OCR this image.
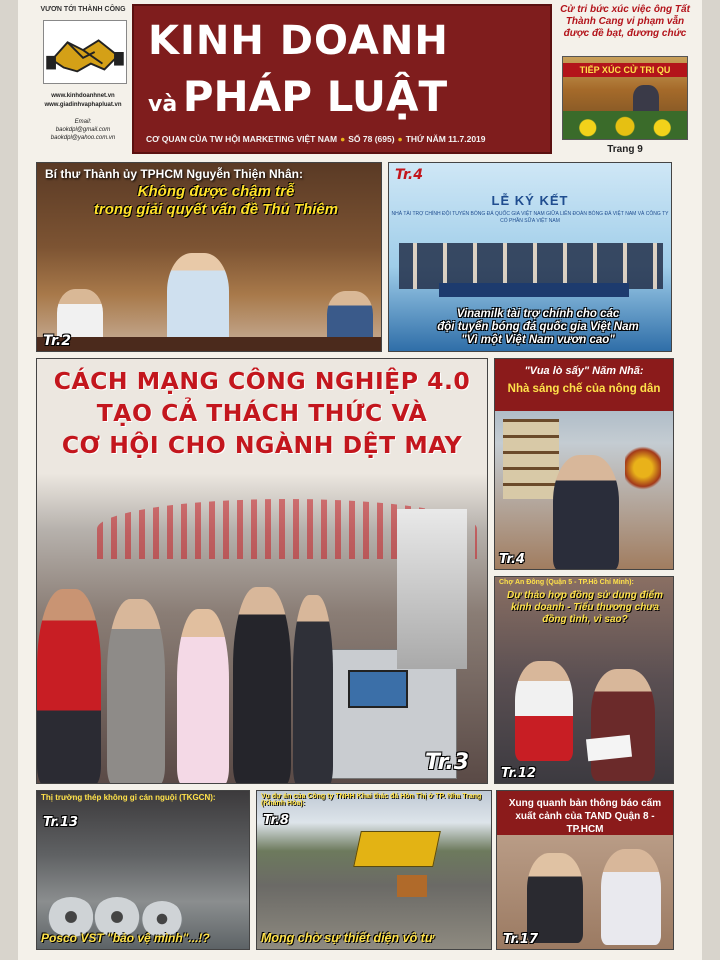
VƯƠN TỚI THÀNH CÔNG
www.kinhdoanhnet.vn
www.giadinhvaphapluat.vn
Email:
baokdpl@gmail.com
baokdpl@yahoo.com.vn
KINH DOANH
và PHÁP LUẬT
CƠ QUAN CỦA TW HỘI MARKETING VIỆT NAM ● SỐ 78 (695) ● THỨ NĂM 11.7.2019
Cử tri bức xúc việc ông Tất Thành Cang vi phạm vẫn được đề bạt, đương chức
TIẾP XÚC CỬ TRI QU
Trang 9
Bí thư Thành ủy TPHCM Nguyễn Thiện Nhân:
Không được chậm trễ
trong giải quyết vấn đề Thủ Thiêm
Tr.2
Tr.4
LỄ KÝ KẾT
NHÀ TÀI TRỢ CHÍNH ĐỘI TUYỂN BÓNG ĐÁ QUỐC GIA VIỆT NAM GIỮA LIÊN ĐOÀN BÓNG ĐÁ VIỆT NAM VÀ CÔNG TY CỔ PHẦN SỮA VIỆT NAM
Vinamilk tài trợ chính cho các
đội tuyển bóng đá quốc gia Việt Nam
"Vì một Việt Nam vươn cao"
CÁCH MẠNG CÔNG NGHIỆP 4.0
TẠO CẢ THÁCH THỨC VÀ
CƠ HỘI CHO NGÀNH DỆT MAY
Tr.3
"Vua lò sấy" Năm Nhã:
Nhà sáng chế của nông dân
Tr.4
Chợ An Đông (Quận 5 - TP.Hồ Chí Minh):
Dự thảo hợp đồng sử dụng điểm kinh doanh - Tiểu thương chưa đồng tình, vì sao?
Tr.12
Thị trường thép không gỉ cán nguội (TKGCN):
Tr.13
Posco VST "bảo vệ mình"...!?
Vụ dự án của Công ty TNHH Khai thác đá Hòn Thị ở TP. Nha Trang (Khánh Hòa):
Tr.8
Mong chờ sự thiết diện vô tư
Xung quanh bản thông báo cấm xuất cảnh của TAND Quận 8 - TP.HCM
Tr.17
